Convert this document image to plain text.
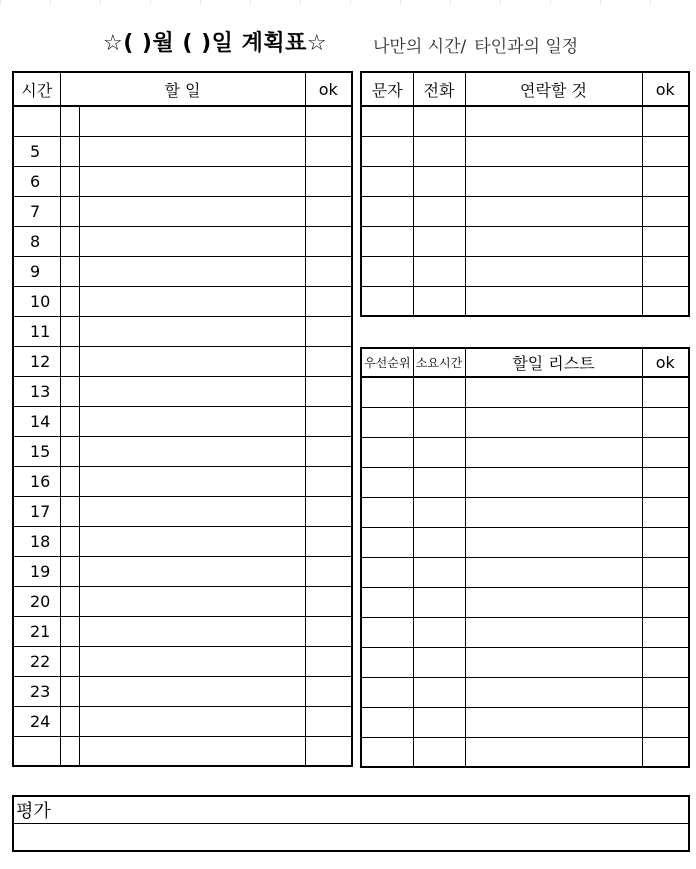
☆( )월 ( )일 계획표☆	나만의 시간/ 타인과의 일정
시간	할 일		ok

5			
6			
7			
8			
9			
10			
11			
12			
13			
14			
15			
16			
17			
18			
19			
20			
21			
22			
23			
24			

문자	전화	연락할 것	ok

우선순위	소요시간	할일 리스트	ok

평가
